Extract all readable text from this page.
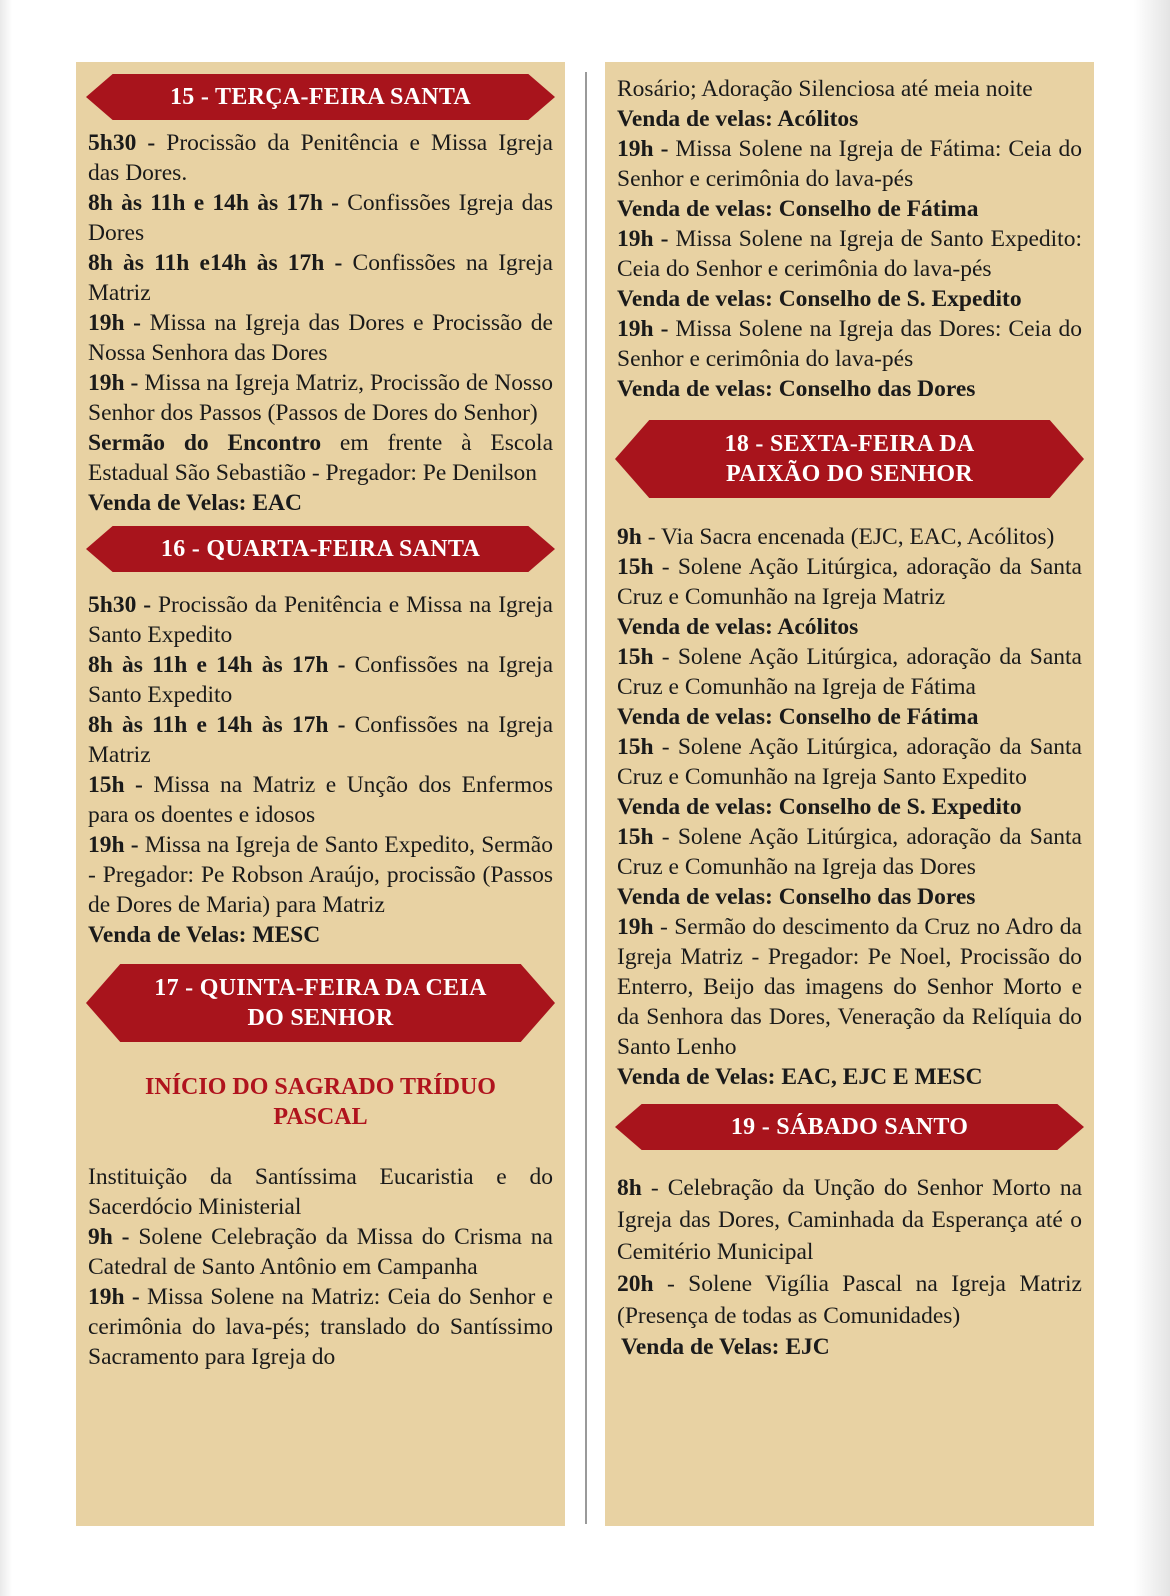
15 - TERÇA-FEIRA SANTA

5h30 - Procissão da Penitência e Missa Igreja das Dores.

8h às 11h e 14h às 17h - Confissões Igreja das Dores

8h às 11h e14h às 17h - Confissões na Igreja Matriz

19h - Missa na Igreja das Dores e Procissão de Nossa Senhora das Dores

19h - Missa na Igreja Matriz, Procissão de Nosso Senhor dos Passos (Passos de Dores do Senhor)

Sermão do Encontro em frente à Escola Estadual São Sebastião - Pregador: Pe Denilson

Venda de Velas: EAC

16 - QUARTA-FEIRA SANTA

5h30 - Procissão da Penitência e Missa na Igreja Santo Expedito

8h às 11h e 14h às 17h - Confissões na Igreja Santo Expedito

8h às 11h e 14h às 17h - Confissões na Igreja Matriz

15h - Missa na Matriz e Unção dos Enfermos para os doentes e idosos

19h - Missa na Igreja de Santo Expedito, Sermão - Pregador: Pe Robson Araújo, procissão (Passos de Dores de Maria) para Matriz

Venda de Velas: MESC

17 - QUINTA-FEIRA DA CEIA
DO SENHOR

INÍCIO DO SAGRADO TRÍDUO
PASCAL

Instituição da Santíssima Eucaristia e do Sacerdócio Ministerial

9h - Solene Celebração da Missa do Crisma na Catedral de Santo Antônio em Campanha

19h - Missa Solene na Matriz: Ceia do Senhor e cerimônia do lava-pés; translado do Santíssimo Sacramento para Igreja do

Rosário; Adoração Silenciosa até meia noite

Venda de velas: Acólitos

19h - Missa Solene na Igreja de Fátima: Ceia do Senhor e cerimônia do lava-pés

Venda de velas: Conselho de Fátima

19h - Missa Solene na Igreja de Santo Expedito: Ceia do Senhor e cerimônia do lava-pés

Venda de velas: Conselho de S. Expedito

19h - Missa Solene na Igreja das Dores: Ceia do Senhor e cerimônia do lava-pés

Venda de velas: Conselho das Dores

18 - SEXTA-FEIRA DA
PAIXÃO DO SENHOR

9h - Via Sacra encenada (EJC, EAC, Acólitos)

15h - Solene Ação Litúrgica, adoração da Santa Cruz e Comunhão na Igreja Matriz

Venda de velas: Acólitos

15h - Solene Ação Litúrgica, adoração da Santa Cruz e Comunhão na Igreja de Fátima

Venda de velas: Conselho de Fátima

15h - Solene Ação Litúrgica, adoração da Santa Cruz e Comunhão na Igreja Santo Expedito

Venda de velas: Conselho de S. Expedito

15h - Solene Ação Litúrgica, adoração da Santa Cruz e Comunhão na Igreja das Dores

Venda de velas: Conselho das Dores

19h - Sermão do descimento da Cruz no Adro da Igreja Matriz - Pregador: Pe Noel, Procissão do Enterro, Beijo das imagens do Senhor Morto e da Senhora das Dores, Veneração da Relíquia do Santo Lenho

Venda de Velas: EAC, EJC E MESC

19 - SÁBADO SANTO

8h - Celebração da Unção do Senhor Morto na Igreja das Dores, Caminhada da Esperança até o Cemitério Municipal

20h - Solene Vigília Pascal na Igreja Matriz (Presença de todas as Comunidades)

Venda de Velas: EJC
